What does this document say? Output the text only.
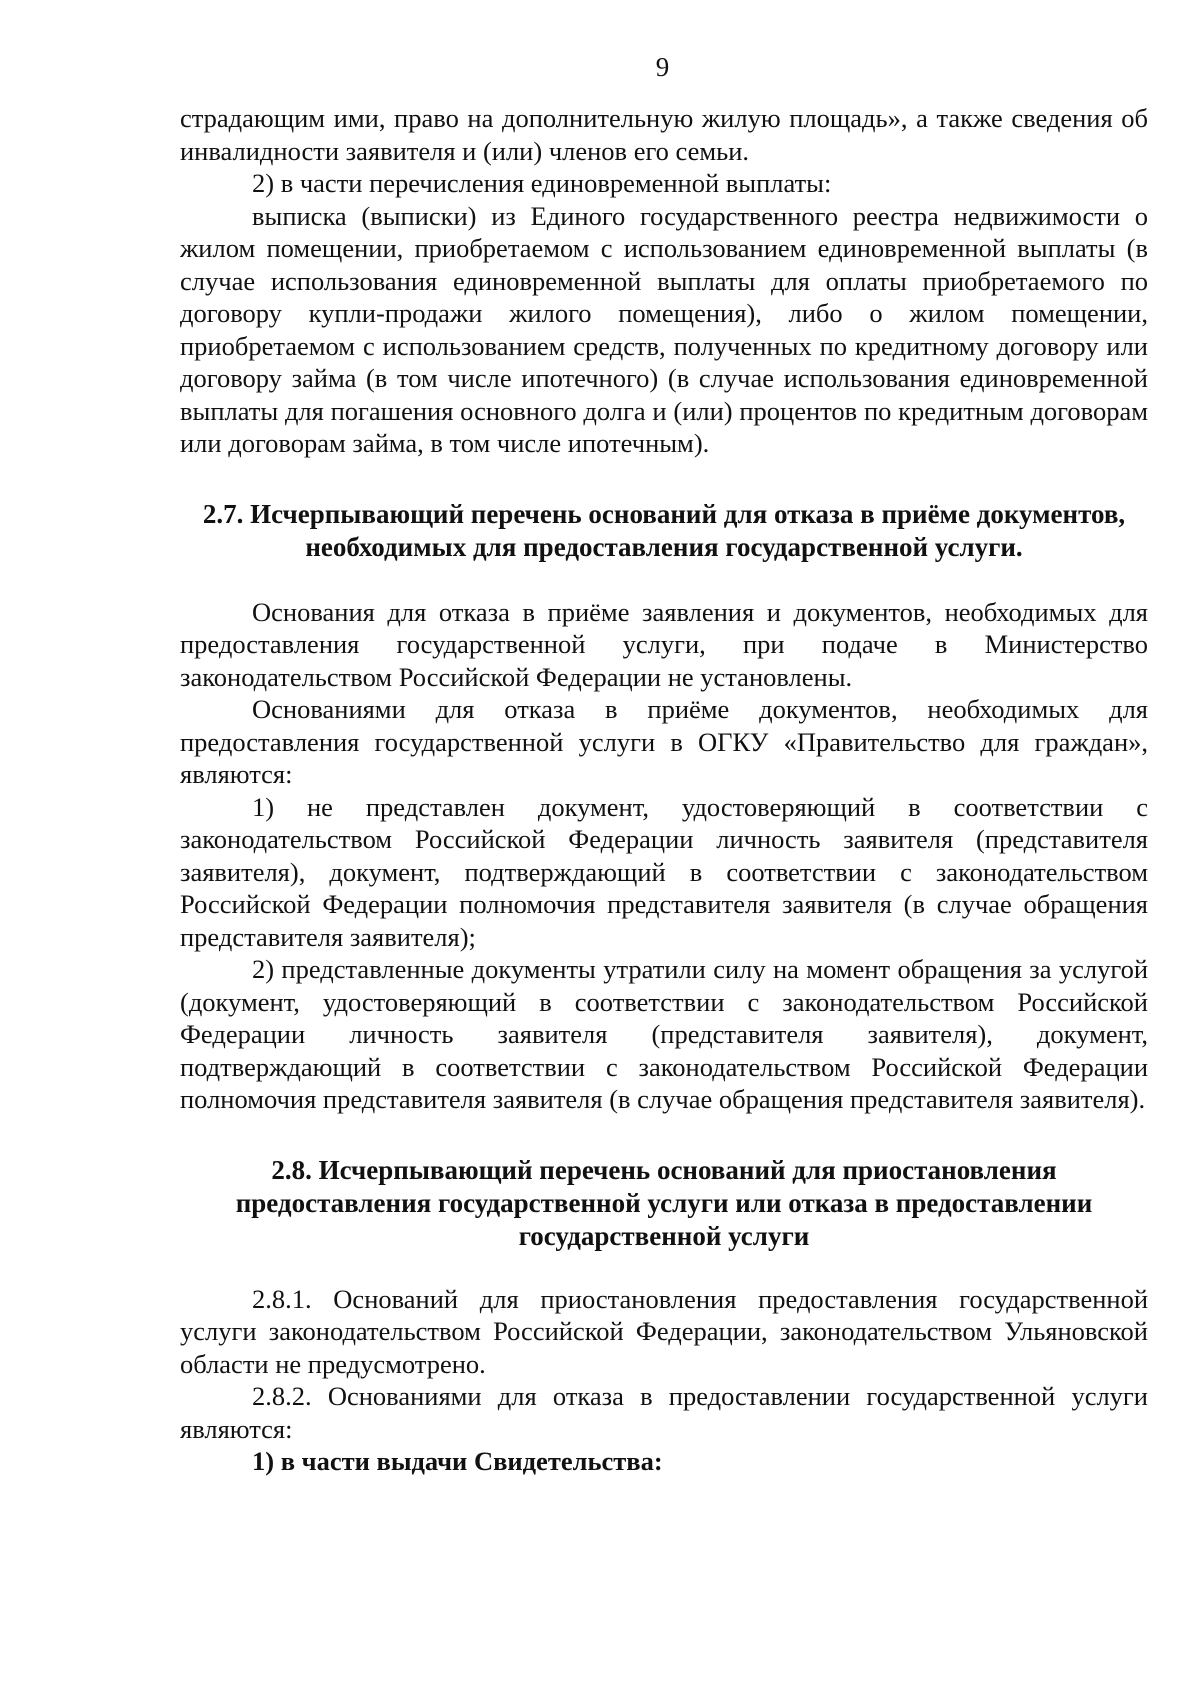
9

страдающим ими, право на дополнительную жилую площадь», а также сведения об инвалидности заявителя и (или) членов его семьи.

2) в части перечисления единовременной выплаты:

выписка (выписки) из Единого государственного реестра недвижимости о жилом помещении, приобретаемом с использованием единовременной выплаты (в случае использования единовременной выплаты для оплаты приобретаемого по договору купли-продажи жилого помещения), либо о жилом помещении, приобретаемом с использованием средств, полученных по кредитному договору или договору займа (в том числе ипотечного) (в случае использования единовременной выплаты для погашения основного долга и (или) процентов по кредитным договорам или договорам займа, в том числе ипотечным).

2.7. Исчерпывающий перечень оснований для отказа в приёме документов, необходимых для предоставления государственной услуги.

Основания для отказа в приёме заявления и документов, необходимых для предоставления государственной услуги, при подаче в Министерство законодательством Российской Федерации не установлены.

Основаниями для отказа в приёме документов, необходимых для предоставления государственной услуги в ОГКУ «Правительство для граждан», являются:

1) не представлен документ, удостоверяющий в соответствии с законодательством Российской Федерации личность заявителя (представителя заявителя), документ, подтверждающий в соответствии с законодательством Российской Федерации полномочия представителя заявителя (в случае обращения представителя заявителя);

2) представленные документы утратили силу на момент обращения за услугой (документ, удостоверяющий в соответствии с законодательством Российской Федерации личность заявителя (представителя заявителя), документ, подтверждающий в соответствии с законодательством Российской Федерации полномочия представителя заявителя (в случае обращения представителя заявителя).

2.8. Исчерпывающий перечень оснований для приостановления
предоставления государственной услуги или отказа в предоставлении
государственной услуги

2.8.1. Оснований для приостановления предоставления государственной услуги законодательством Российской Федерации, законодательством Ульяновской области не предусмотрено.

2.8.2. Основаниями для отказа в предоставлении государственной услуги являются:

1) в части выдачи Свидетельства:
